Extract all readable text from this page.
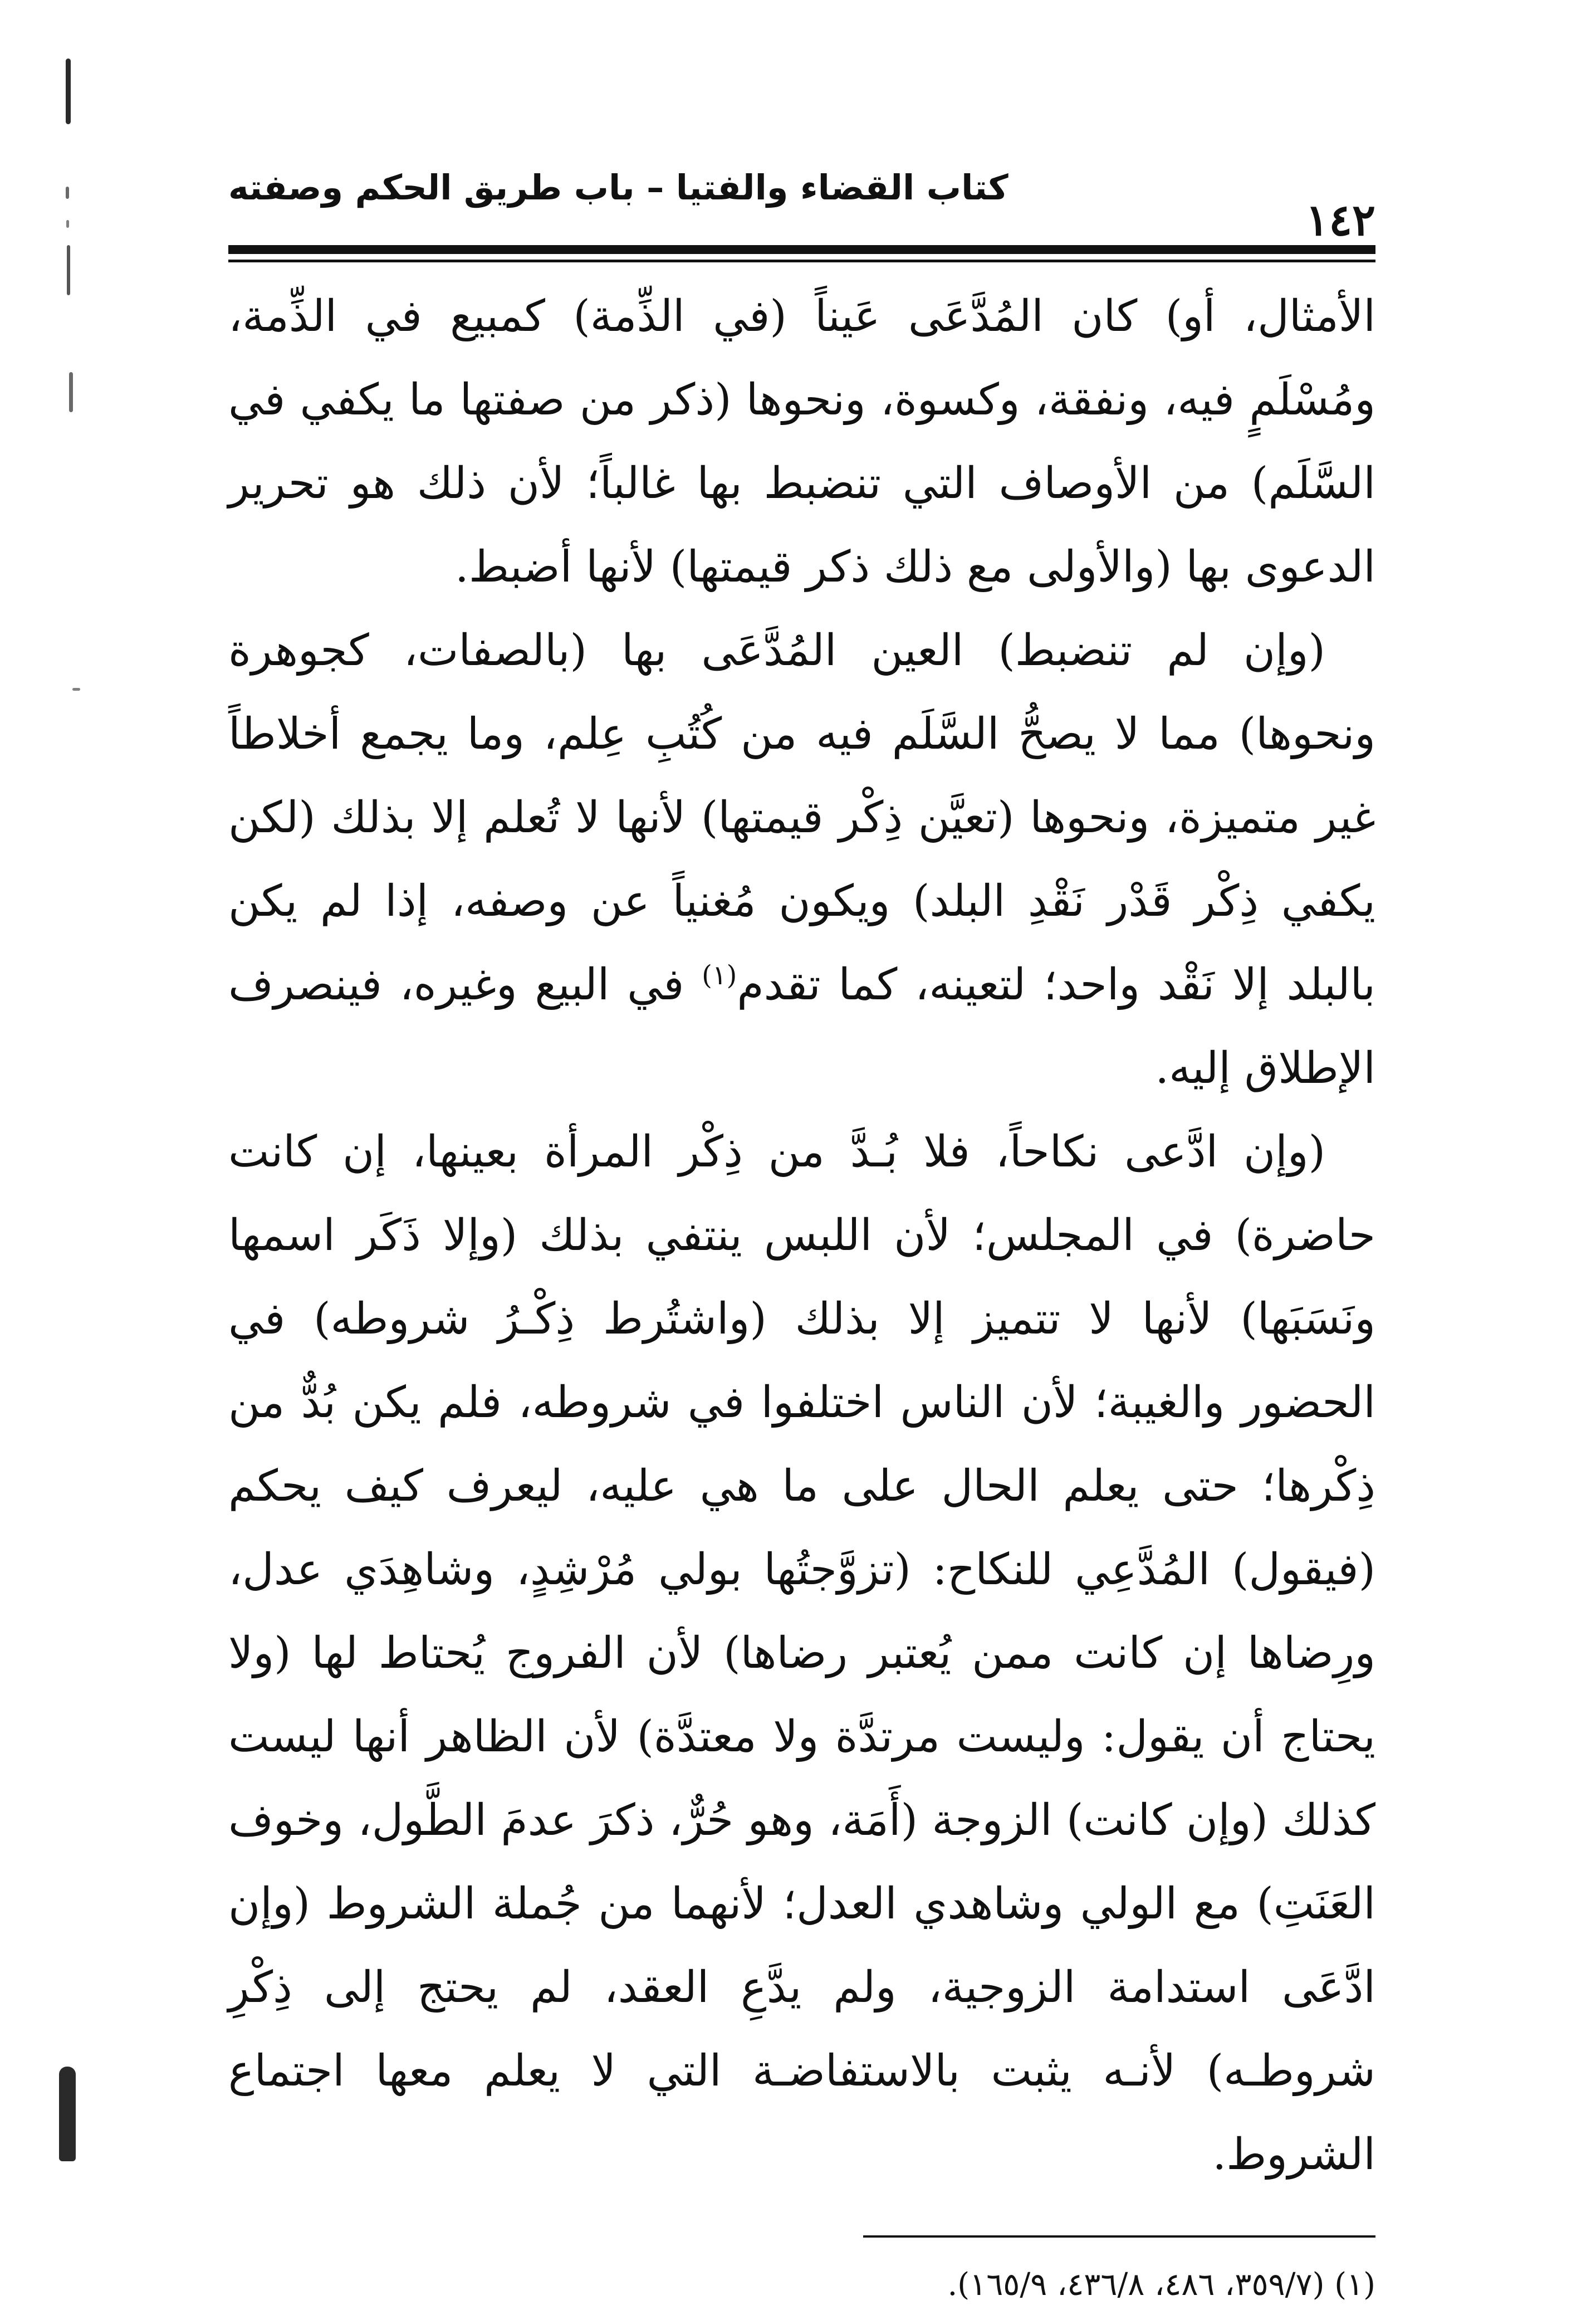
١٤٢
كتاب القضاء والفتيا – باب طريق الحكم وصفته

الأمثال، أو) كان المُدَّعَى عَيناً (في الذِّمة) كمبيع في الذِّمة، ومُسْلَمٍ فيه، ونفقة، وكسوة، ونحوها (ذكر من صفتها ما يكفي في السَّلَم) من الأوصاف التي تنضبط بها غالباً؛ لأن ذلك هو تحرير الدعوى بها (والأولى مع ذلك ذكر قيمتها) لأنها أضبط.

(وإن لم تنضبط) العين المُدَّعَى بها (بالصفات، كجوهرة ونحوها) مما لا يصحُّ السَّلَم فيه من كُتُبِ عِلم، وما يجمع أخلاطاً غير متميزة، ونحوها (تعيَّن ذِكْر قيمتها) لأنها لا تُعلم إلا بذلك (لكن يكفي ذِكْر قَدْر نَقْدِ البلد) ويكون مُغنياً عن وصفه، إذا لم يكن بالبلد إلا نَقْد واحد؛ لتعينه، كما تقدم$^{(١)}$ في البيع وغيره، فينصرف الإطلاق إليه.

(وإن ادَّعى نكاحاً، فلا بُـدَّ من ذِكْر المرأة بعينها، إن كانت حاضرة) في المجلس؛ لأن اللبس ينتفي بذلك (وإلا ذَكَر اسمها ونَسَبَها) لأنها لا تتميز إلا بذلك (واشتُرط ذِكْـرُ شروطه) في الحضور والغيبة؛ لأن الناس اختلفوا في شروطه، فلم يكن بُدٌّ من ذِكْرها؛ حتى يعلم الحال على ما هي عليه، ليعرف كيف يحكم (فيقول) المُدَّعِي للنكاح: (تزوَّجتُها بولي مُرْشِدٍ، وشاهِدَي عدل، ورِضاها إن كانت ممن يُعتبر رضاها) لأن الفروج يُحتاط لها (ولا يحتاج أن يقول: وليست مرتدَّة ولا معتدَّة) لأن الظاهر أنها ليست كذلك (وإن كانت) الزوجة (أَمَة، وهو حُرٌّ، ذكرَ عدمَ الطَّول، وخوف العَنَتِ) مع الولي وشاهدي العدل؛ لأنهما من جُملة الشروط (وإن ادَّعَى استدامة الزوجية، ولم يدَّعِ العقد، لم يحتج إلى ذِكْرِ شروطـه) لأنـه يثبت بالاستفاضـة التي لا يعلم معها اجتماع الشروط.

(١) (٣٥٩/٧، ٤٨٦، ٤٣٦/٨، ١٦٥/٩).
